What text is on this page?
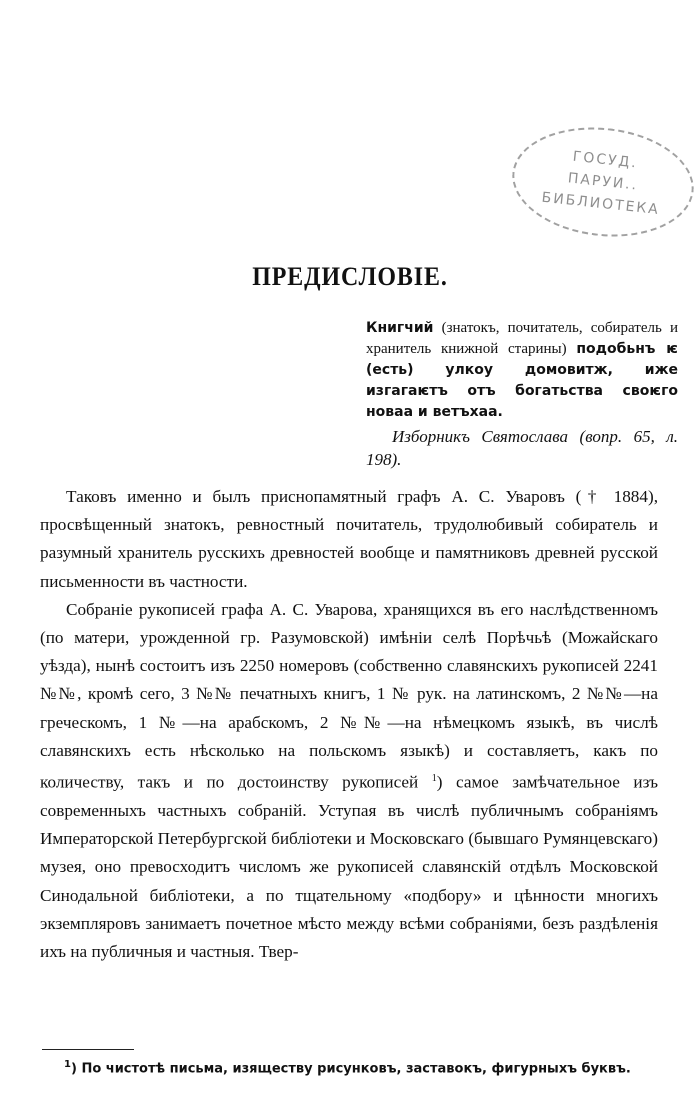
ГОСУД.
ПАРУИ..
БИБЛИОТЕКА
ПРЕДИСЛОВІЕ.
Книгчий (знатокъ, почитатель, собиратель и хранитель книжной старины) подобьнъ ѥ (есть) улкоу домовитж, иже изгагаѥтъ отъ богатьства своѥго новаа и ветъхаа.
Изборникъ Святослава (вопр. 65, л. 198).

Таковъ именно и былъ приснопамятный графъ А. С. Уваровъ († 1884), просвѣщенный знатокъ, ревностный почитатель, трудолюбивый собиратель и разумный хранитель русскихъ древностей вообще и памятниковъ древней русской письменности въ частности.

Собраніе рукописей графа А. С. Уварова, хранящихся въ его наслѣдственномъ (по матери, урожденной гр. Разумовской) имѣніи селѣ Порѣчьѣ (Можайскаго уѣзда), нынѣ состоитъ изъ 2250 номеровъ (собственно славянскихъ рукописей 2241 №№, кромѣ сего, 3 №№ печатныхъ книгъ, 1 № рук. на латинскомъ, 2 №№—на греческомъ, 1 №—на арабскомъ, 2 №№—на нѣмецкомъ языкѣ, въ числѣ славянскихъ есть нѣсколько на польскомъ языкѣ) и составляетъ, какъ по количеству, такъ и по достоинству рукописей $^1$) самое замѣчательное изъ современныхъ частныхъ собраній. Уступая въ числѣ публичнымъ собраніямъ Императорской Петербургской библіотеки и Московскаго (бывшаго Румянцевскаго) музея, оно превосходитъ числомъ же рукописей славянскій отдѣлъ Московской Синодальной библіотеки, а по тщательному «подбору» и цѣнности многихъ экземпляровъ занимаетъ почетное мѣсто между всѣми собраніями, безъ раздѣленія ихъ на публичныя и частныя. Твер-

$^1$) По чистотѣ письма, изяществу рисунковъ, заставокъ, фигурныхъ буквъ.
